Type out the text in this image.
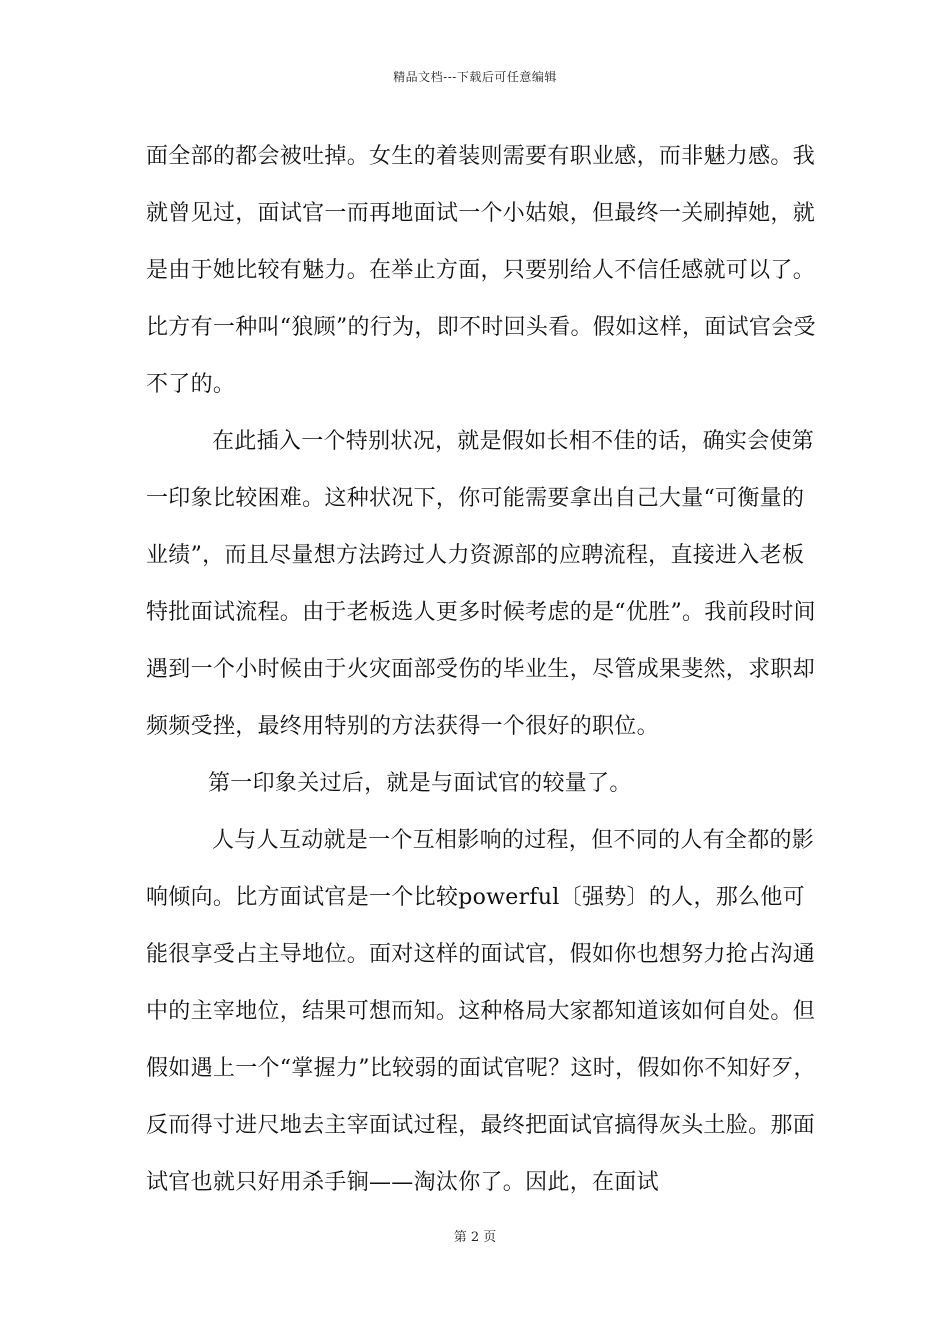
精品文档---下载后可任意编辑

面全部的都会被吐掉。女生的着装则需要有职业感，而非魅力感。我就曾见过，面试官一而再地面试一个小姑娘，但最终一关刷掉她，就是由于她比较有魅力。在举止方面，只要别给人不信任感就可以了。比方有一种叫“狼顾”的行为，即不时回头看。假如这样，面试官会受不了的。

在此插入一个特别状况，就是假如长相不佳的话，确实会使第一印象比较困难。这种状况下，你可能需要拿出自己大量“可衡量的业绩”，而且尽量想方法跨过人力资源部的应聘流程，直接进入老板特批面试流程。由于老板选人更多时候考虑的是“优胜”。我前段时间遇到一个小时候由于火灾面部受伤的毕业生，尽管成果斐然，求职却频频受挫，最终用特别的方法获得一个很好的职位。

第一印象关过后，就是与面试官的较量了。

人与人互动就是一个互相影响的过程，但不同的人有全都的影响倾向。比方面试官是一个比较powerful〔强势〕的人，那么他可能很享受占主导地位。面对这样的面试官，假如你也想努力抢占沟通中的主宰地位，结果可想而知。这种格局大家都知道该如何自处。但假如遇上一个“掌握力”比较弱的面试官呢？这时，假如你不知好歹，反而得寸进尺地去主宰面试过程，最终把面试官搞得灰头土脸。那面试官也就只好用杀手锏——淘汰你了。因此，在面试

第 2 页
